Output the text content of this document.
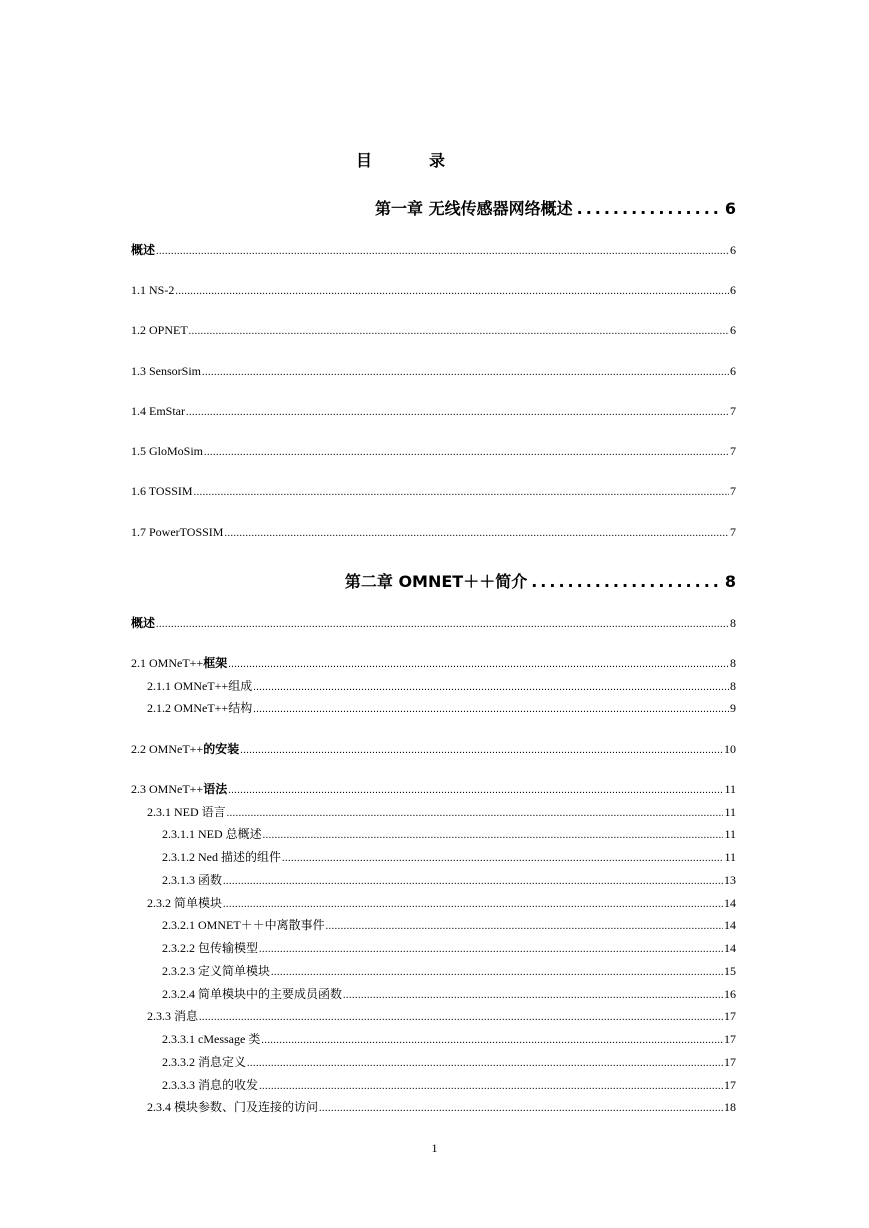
目	录
第一章 无线传感器网络概述 ................ 6
概述 .....	6
1.1 NS-2 .....	6
1.2 OPNET .....	6
1.3 SensorSim .....	6
1.4 EmStar .....	7
1.5 GloMoSim .....	7
1.6 TOSSIM .....	7
1.7 PowerTOSSIM .....	7
第二章 OMNET＋＋简介 ..................... 8
概述 .....	8
2.1 OMNeT++框架 .....	8
2.1.1 OMNeT++组成 .....	8
2.1.2 OMNeT++结构 .....	9
2.2 OMNeT++的安装 .....	10
2.3 OMNeT++语法 .....	11
2.3.1 NED 语言 .....	11
2.3.1.1 NED 总概述 .....	11
2.3.1.2 Ned 描述的组件 .....	11
2.3.1.3 函数 .....	13
2.3.2 简单模块 .....	14
2.3.2.1 OMNET＋＋中离散事件 .....	14
2.3.2.2 包传输模型 .....	14
2.3.2.3 定义简单模块 .....	15
2.3.2.4 简单模块中的主要成员函数 .....	16
2.3.3 消息 .....	17
2.3.3.1 cMessage 类 .....	17
2.3.3.2 消息定义 .....	17
2.3.3.3 消息的收发 .....	17
2.3.4 模块参数、门及连接的访问 .....	18
1
